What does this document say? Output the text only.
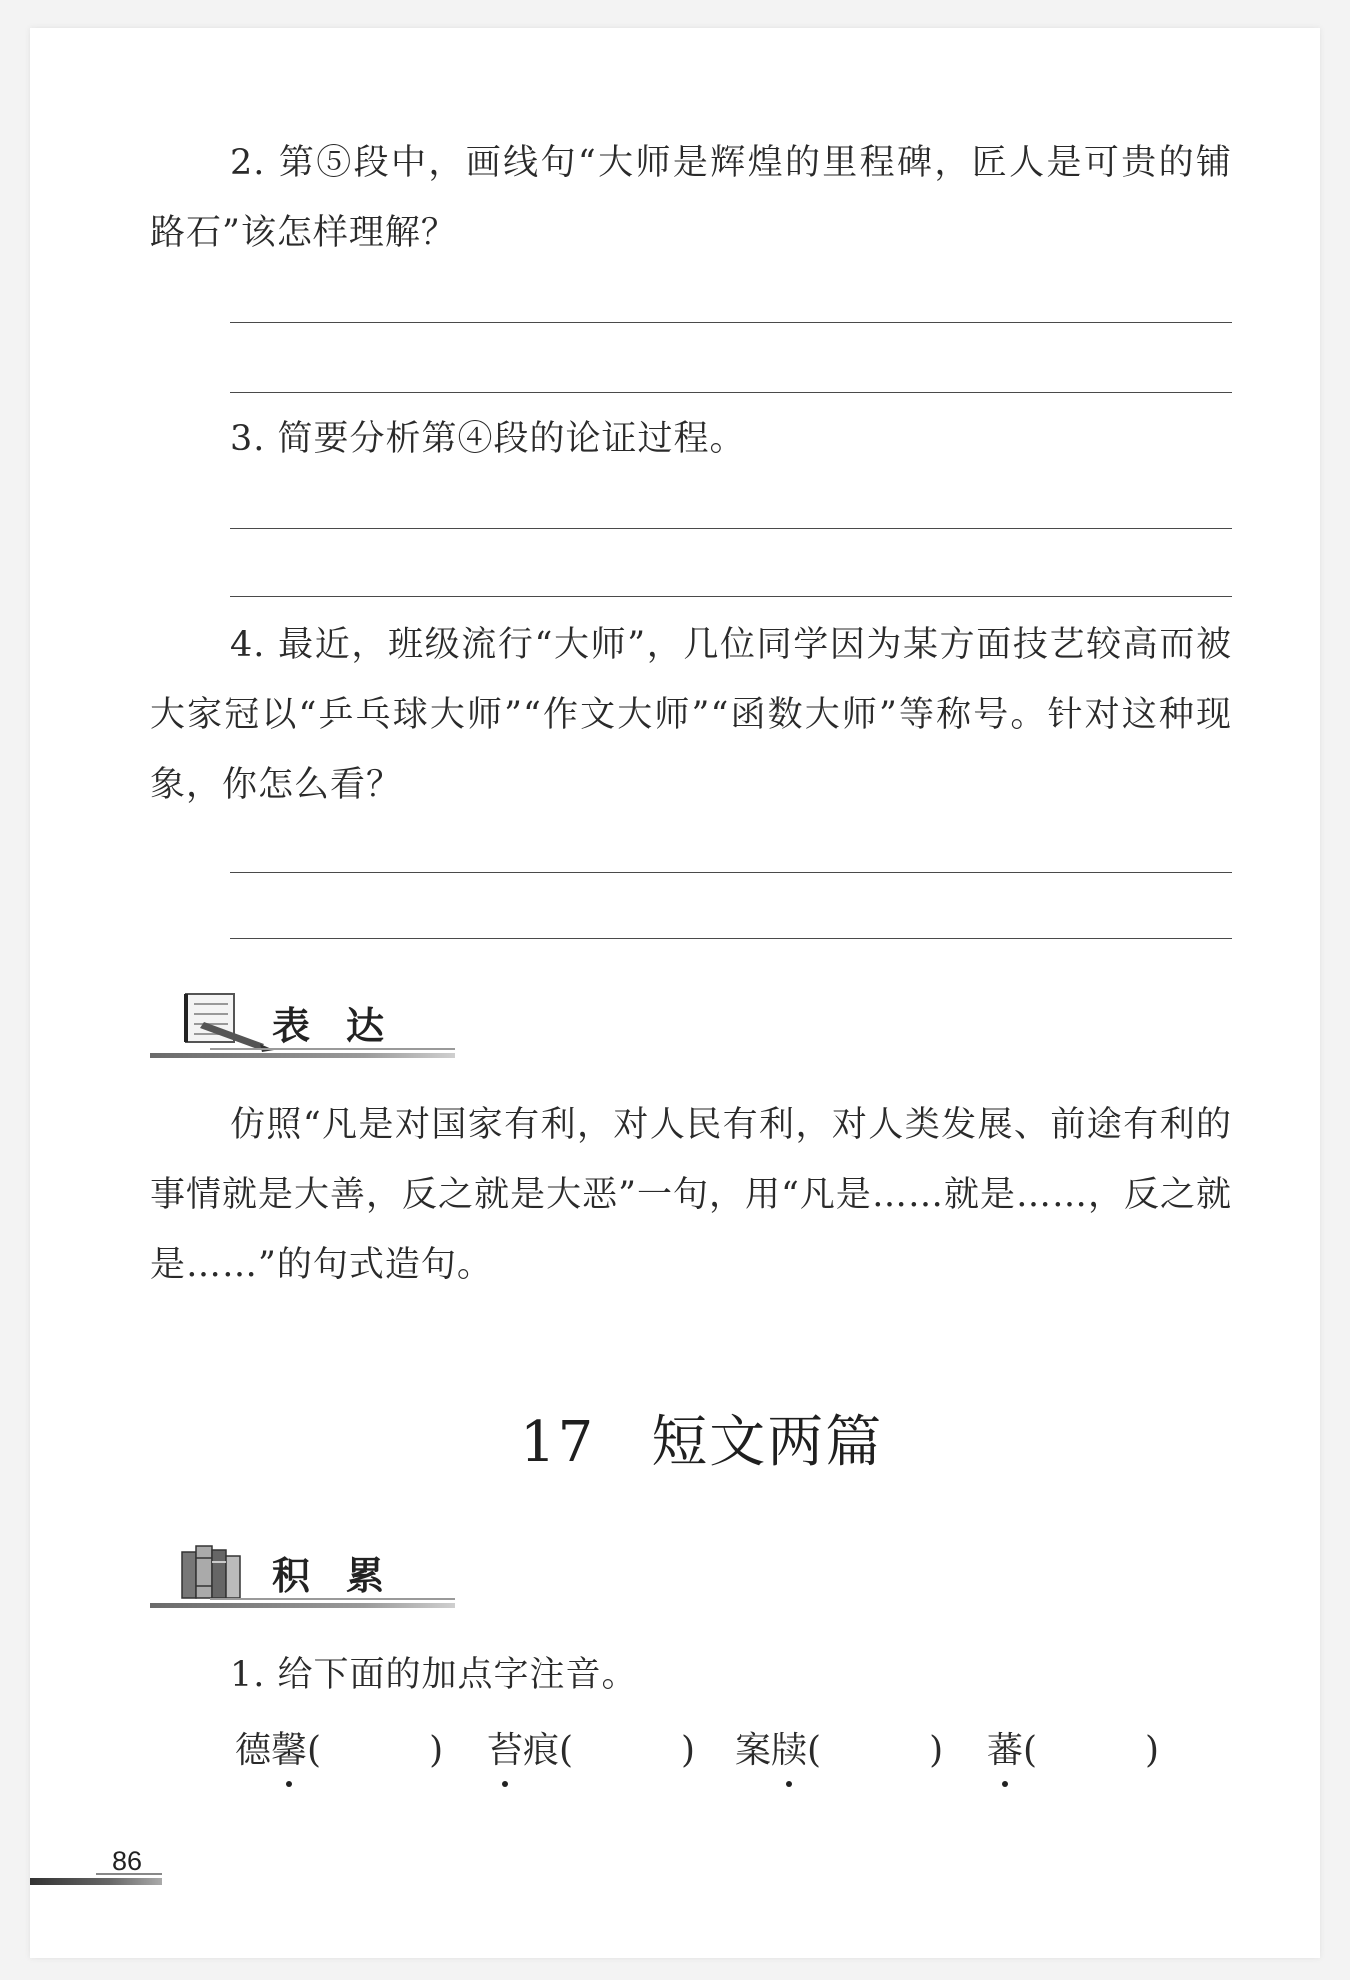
2. 第⑤段中，画线句“大师是辉煌的里程碑，匠人是可贵的铺路石”该怎样理解？

3. 简要分析第④段的论证过程。

4. 最近，班级流行“大师”，几位同学因为某方面技艺较高而被大家冠以“乒乓球大师”“作文大师”“函数大师”等称号。针对这种现象，你怎么看？

表达

仿照“凡是对国家有利，对人民有利，对人类发展、前途有利的事情就是大善，反之就是大恶”一句，用“凡是……就是……，反之就是……”的句式造句。

17 短文两篇
积累

1. 给下面的加点字注音。

德馨(　　　) 苔痕(　　　) 案牍(　　　) 蕃(　　　)
86
